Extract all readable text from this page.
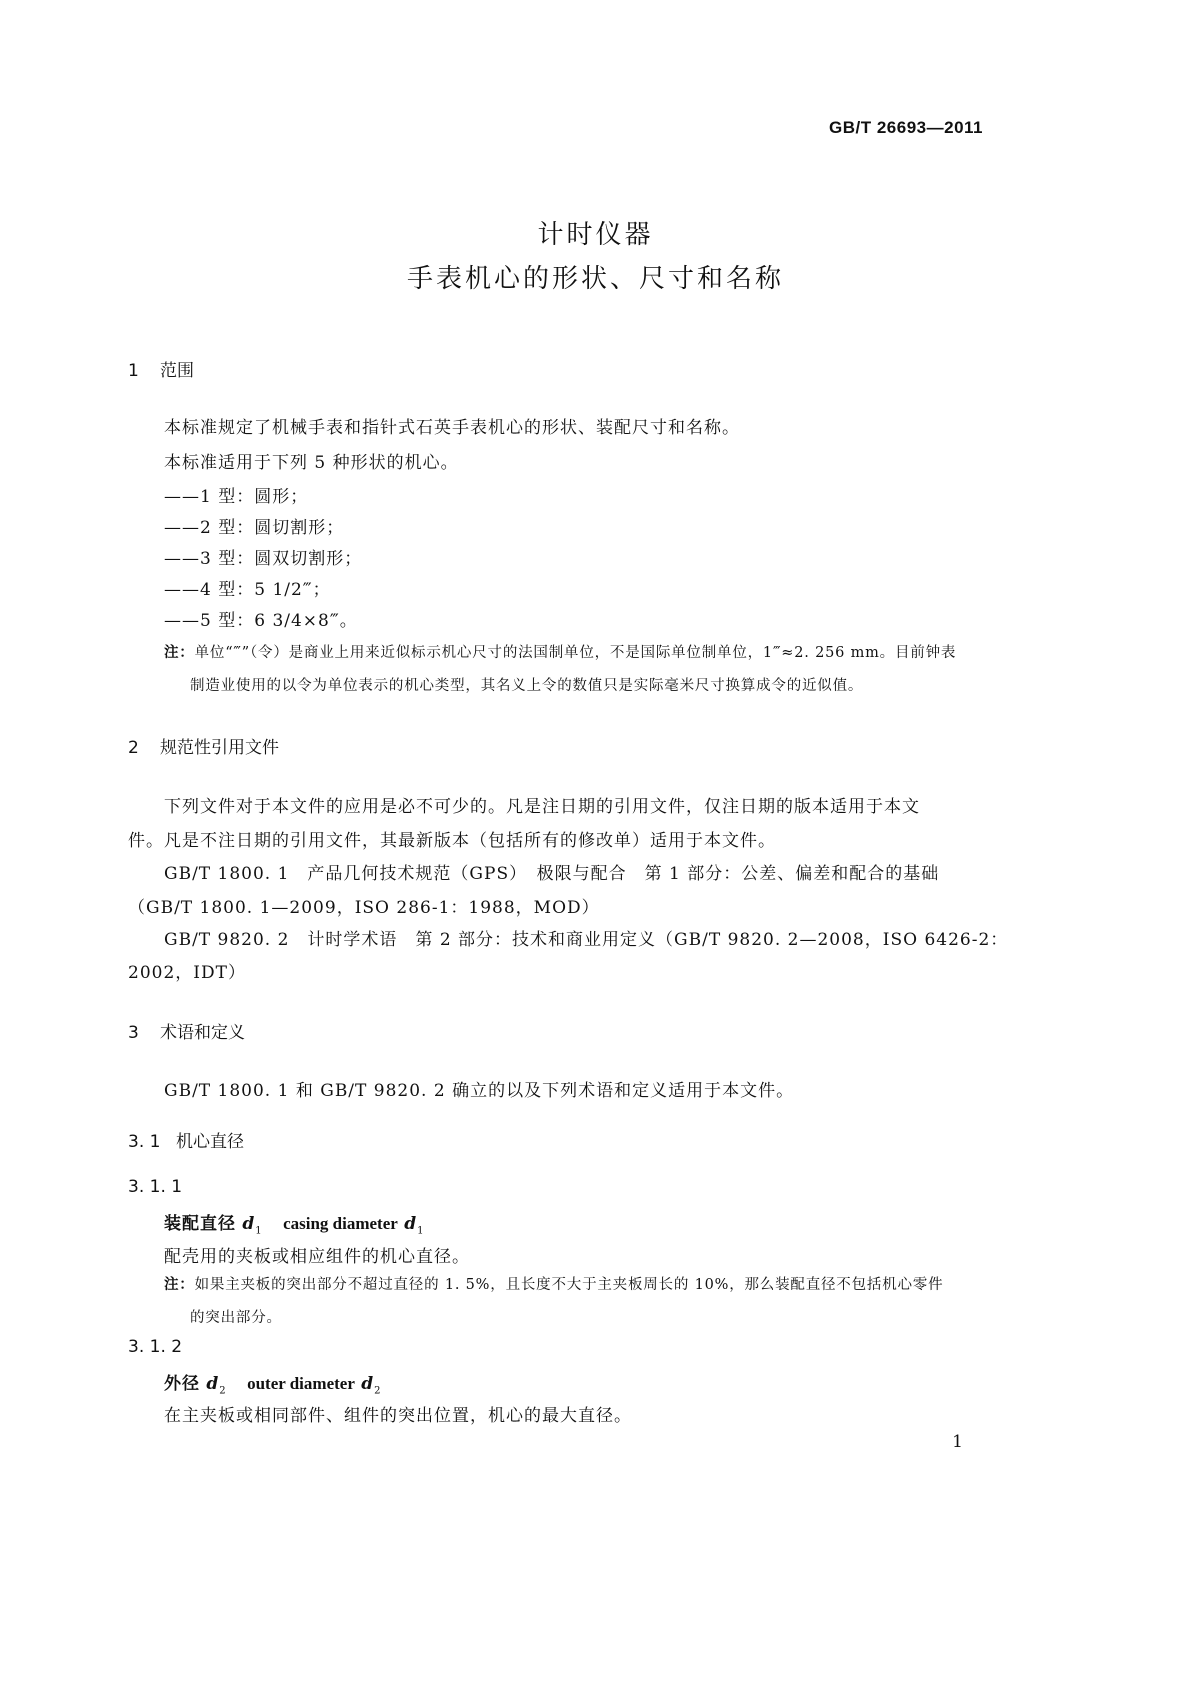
GB/T 26693—2011
计时仪器
手表机心的形状、尺寸和名称
1 范围
本标准规定了机械手表和指针式石英手表机心的形状、装配尺寸和名称。
本标准适用于下列 5 种形状的机心。
——1 型：圆形；
——2 型：圆切割形；
——3 型：圆双切割形；
——4 型：5 1/2‴；
——5 型：6 3/4×8‴。
注：单位“‴”（令）是商业上用来近似标示机心尺寸的法国制单位，不是国际单位制单位，1‴≈2. 256 mm。目前钟表
制造业使用的以令为单位表示的机心类型，其名义上令的数值只是实际毫米尺寸换算成令的近似值。
2 规范性引用文件
下列文件对于本文件的应用是必不可少的。凡是注日期的引用文件，仅注日期的版本适用于本文
件。凡是不注日期的引用文件，其最新版本（包括所有的修改单）适用于本文件。
GB/T 1800. 1　产品几何技术规范（GPS）　极限与配合　第 1 部分：公差、偏差和配合的基础
（GB/T 1800. 1—2009，ISO 286-1：1988，MOD）
GB/T 9820. 2　计时学术语　第 2 部分：技术和商业用定义（GB/T 9820. 2—2008，ISO 6426-2：
2002，IDT）
3 术语和定义
GB/T 1800. 1 和 GB/T 9820. 2 确立的以及下列术语和定义适用于本文件。
3. 1 机心直径
3. 1. 1
装配直径 $d_1$ casing diameter $d_1$
配壳用的夹板或相应组件的机心直径。
注：如果主夹板的突出部分不超过直径的 1. 5%，且长度不大于主夹板周长的 10%，那么装配直径不包括机心零件
的突出部分。
3. 1. 2
外径 $d_2$ outer diameter $d_2$
在主夹板或相同部件、组件的突出位置，机心的最大直径。
1
